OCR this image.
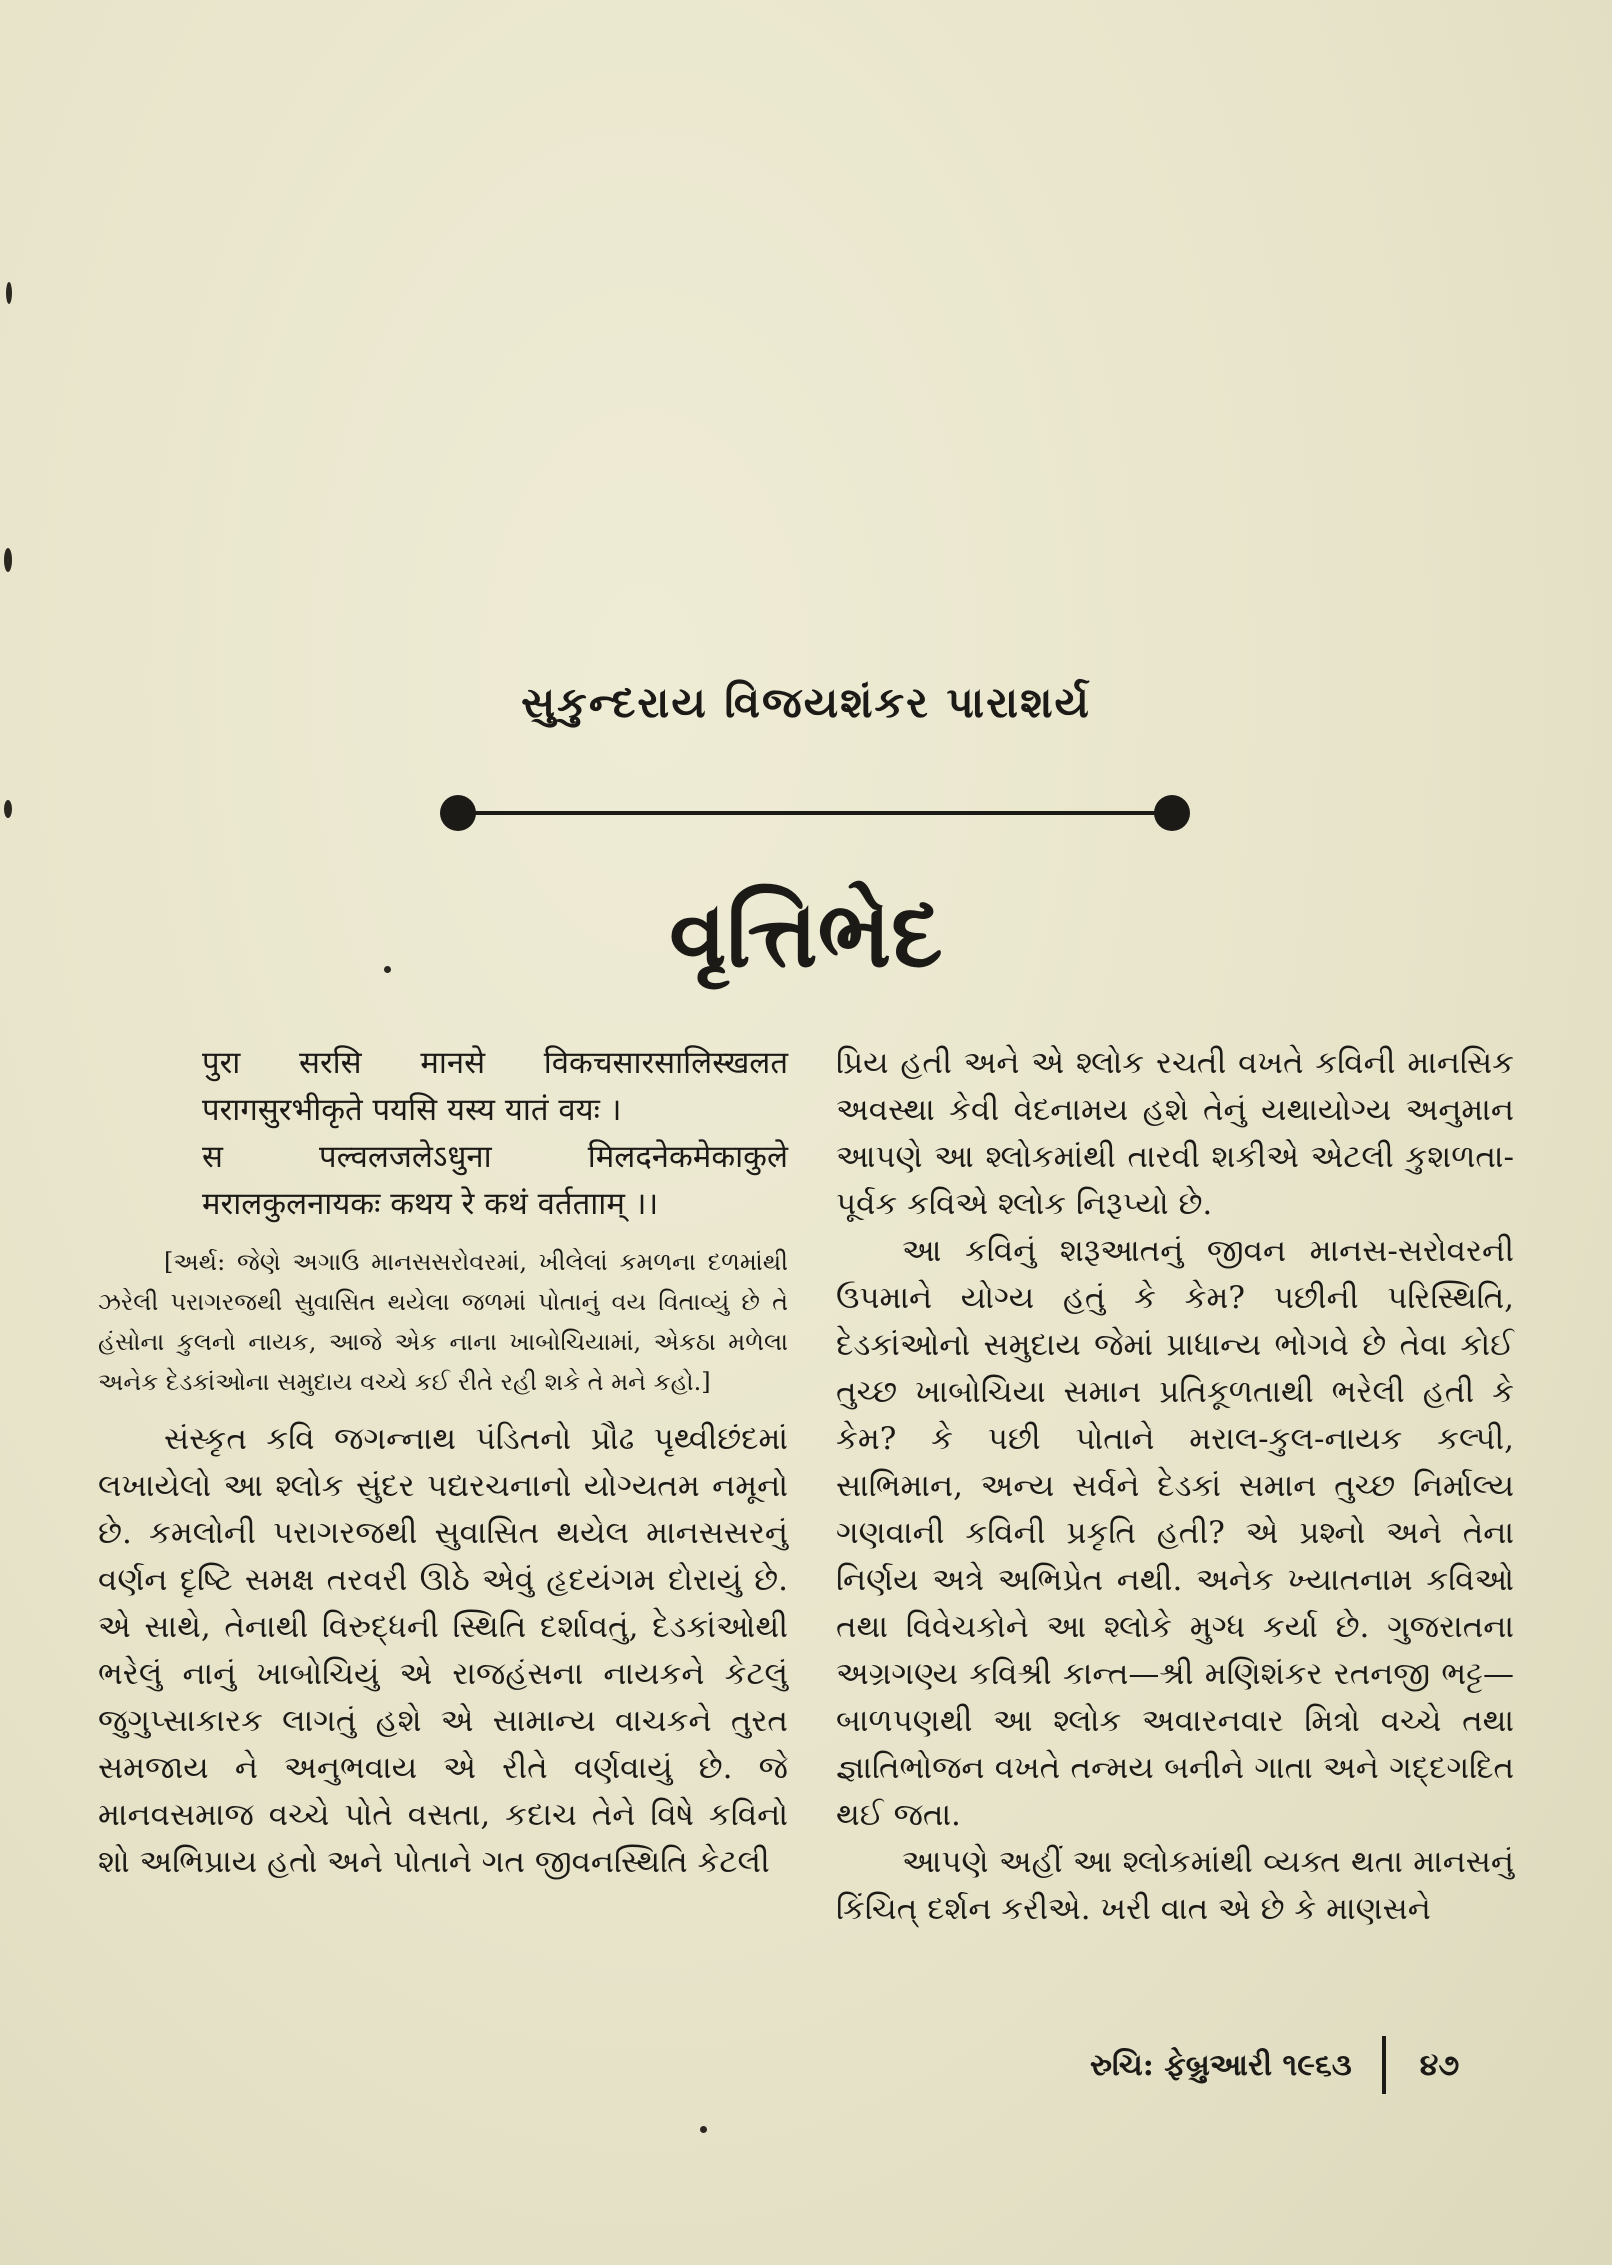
સુકુન્દરાય વિજયશંકર પારાશર્ય
વૃત્તિભેદ
पुरा सरसि मानसे विकचसारसालिस्खलत
परागसुरभीकृते पयसि यस्य यातं वयः ।
स पल्वलजलेऽधुना मिलदनेकमेकाकुले
मरालकुलनायकः कथय रे कथं वर्ततााम् ।।

[અર્થ: જેણે અગાઉ માનસસરોવરમાં, ખીલેલાં કમળના દળમાંથી ઝરેલી પરાગરજથી સુવાસિત થયેલા જળમાં પોતાનું વય વિતાવ્યું છે તે હંસોના કુલનો નાયક, આજે એક નાના ખાબોચિયામાં, એકઠા મળેલા અનેક દેડકાંઓના સમુદાય વચ્ચે કઈ રીતે રહી શકે તે મને કહો.]

સંસ્કૃત કવિ જગન્નાથ પંડિતનો પ્રૌઢ પૃથ્વીછંદમાં લખાયેલો આ શ્લોક સુંદર પદ્યરચનાનો યોગ્યતમ નમૂનો છે. કમલોની પરાગરજથી સુવાસિત થયેલ માનસસરનું વર્ણન દૃષ્ટિ સમક્ષ તરવરી ઊઠે એવું હૃદયંગમ દોરાયું છે. એ સાથે, તેનાથી વિરુદ્ધની સ્થિતિ દર્શાવતું, દેડકાંઓથી ભરેલું નાનું ખાબોચિયું એ રાજહંસના નાયકને કેટલું જુગુપ્સાકારક લાગતું હશે એ સામાન્ય વાચકને તુરત સમજાય ને અનુભવાય એ રીતે વર્ણવાયું છે. જે માનવસમાજ વચ્ચે પોતે વસતા, કદાચ તેને વિષે કવિનો શો અભિપ્રાય હતો અને પોતાને ગત જીવનસ્થિતિ કેટલી

પ્રિય હતી અને એ શ્લોક રચતી વખતે કવિની માનસિક અવસ્થા કેવી વેદનામય હશે તેનું યથાયોગ્ય અનુમાન આપણે આ શ્લોકમાંથી તારવી શકીએ એટલી કુશળતા-પૂર્વક કવિએ શ્લોક નિરૂપ્યો છે.

આ કવિનું શરૂઆતનું જીવન માનસ-સરોવરની ઉપમાને યોગ્ય હતું કે કેમ? પછીની પરિસ્થિતિ, દેડકાંઓનો સમુદાય જેમાં પ્રાધાન્ય ભોગવે છે તેવા કોઈ તુચ્છ ખાબોચિયા સમાન પ્રતિકૂળતાથી ભરેલી હતી કે કેમ? કે પછી પોતાને મરાલ-કુલ-નાયક કલ્પી, સાભિમાન, અન્ય સર્વને દેડકાં સમાન તુચ્છ નિર્માલ્ય ગણવાની કવિની પ્રકૃતિ હતી? એ પ્રશ્નો અને તેના નિર્ણય અત્રે અભિપ્રેત નથી. અનેક ખ્યાતનામ કવિઓ તથા વિવેચકોને આ શ્લોકે મુગ્ધ કર્યા છે. ગુજરાતના અગ્રગણ્ય કવિશ્રી કાન્ત—શ્રી મણિશંકર રતનજી ભટ્ટ—બાળપણથી આ શ્લોક અવારનવાર મિત્રો વચ્ચે તથા જ્ઞાતિભોજન વખતે તન્મય બનીને ગાતા અને ગદ્દગદિત થઈ જતા.

આપણે અહીં આ શ્લોકમાંથી વ્યક્ત થતા માનસનું કિંચિત્ દર્શન કરીએ. ખરી વાત એ છે કે માણસને

રુચિ: ફેબ્રુઆરી ૧૯૬૩ ૪૭
